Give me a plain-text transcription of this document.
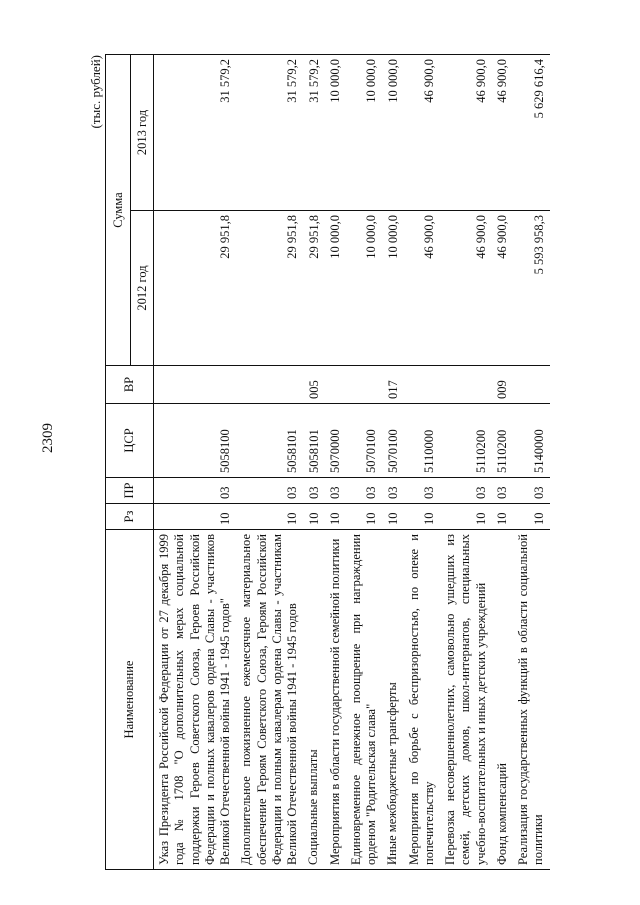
2309
(тыс. рублей)
Наименование	Рз	ПР	ЦСР	ВР	Сумма	
					2012 год	2013 год
Указ Президента Российской Федерации от 27 декабря 1999 года № 1708 "О дополнительных мерах социальной поддержки Героев Советского Союза, Героев Российской Федерации и полных кавалеров ордена Славы - участников Великой Отечественной войны 1941 - 1945 годов"	10	03	5058100		29 951,8	31 579,2
Дополнительное пожизненное ежемесячное материальное обеспечение Героям Советского Союза, Героям Российской Федерации и полным кавалерам ордена Славы - участникам Великой Отечественной войны 1941 - 1945 годов	10	03	5058101		29 951,8	31 579,2
Социальные выплаты	10	03	5058101	005	29 951,8	31 579,2
Мероприятия в области государственной семейной политики	10	03	5070000		10 000,0	10 000,0
Единовременное денежное поощрение при награждении орденом "Родительская слава"	10	03	5070100		10 000,0	10 000,0
Иные межбюджетные трансферты	10	03	5070100	017	10 000,0	10 000,0
Мероприятия по борьбе с беспризорностью, по опеке и попечительству	10	03	5110000		46 900,0	46 900,0
Перевозка несовершеннолетних, самовольно ушедших из семей, детских домов, школ-интернатов, специальных учебно-воспитательных и иных детских учреждений	10	03	5110200		46 900,0	46 900,0
Фонд компенсаций	10	03	5110200	009	46 900,0	46 900,0
Реализация государственных функций в области социальной политики	10	03	5140000		5 593 958,3	5 629 616,4
